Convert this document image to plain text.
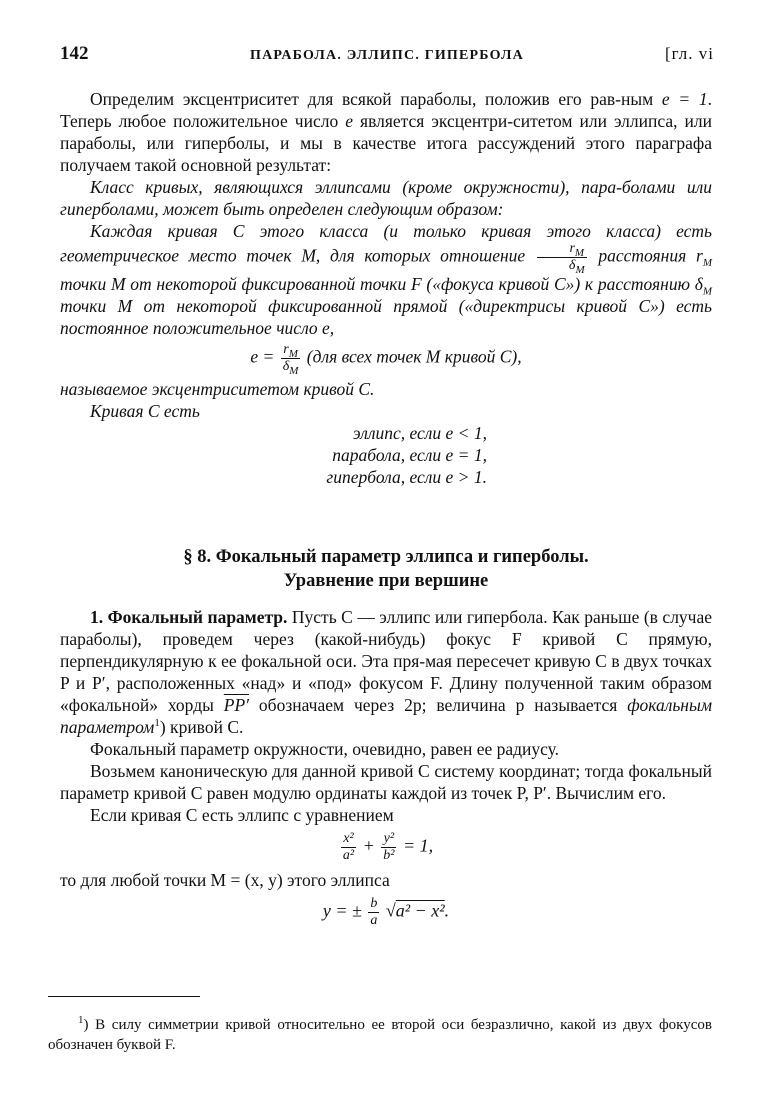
142	ПАРАБОЛА. ЭЛЛИПС. ГИПЕРБОЛА	[гл. vi

Определим эксцентриситет для всякой параболы, положив его рав-ным e = 1. Теперь любое положительное число e является эксцентри-ситетом или эллипса, или параболы, или гиперболы, и мы в качестве итога рассуждений этого параграфа получаем такой основной результат:

Класс кривых, являющихся эллипсами (кроме окружности), пара-болами или гиперболами, может быть определен следующим образом:

Каждая кривая C этого класса (и только кривая этого класса) есть геометрическое место точек M, для которых отношение $\frac{r_M}{\delta_M}$ расстояния $r_M$ точки M от некоторой фиксированной точки F («фокуса кривой C») к расстоянию $\delta_M$ точки M от некоторой фиксированной прямой («директрисы кривой C») есть постоянное положительное число e,

$e = \frac{r_M}{\delta_M} (для$ всех точек M кривой C),

называемое эксцентриситетом кривой C.

Кривая C есть

эллипс, если e < 1,
парабола, если e = 1,
гипербола, если e > 1.
§ 8. Фокальный параметр эллипса и гиперболы.
Уравнение при вершине

1. Фокальный параметр. Пусть C — эллипс или гипербола. Как раньше (в случае параболы), проведем через (какой-нибудь) фокус F кривой C прямую, перпендикулярную к ее фокальной оси. Эта пря-мая пересечет кривую C в двух точках P и P′, расположенных «над» и «под» фокусом F. Длину полученной таким образом «фокальной» хорды PP′ обозначаем через 2p; величина p называется фокальным параметром$^1$) кривой C.

Фокальный параметр окружности, очевидно, равен ее радиусу.

Возьмем каноническую для данной кривой C систему координат; тогда фокальный параметр кривой C равен модулю ординаты каждой из точек P, P′. Вычислим его.

Если кривая C есть эллипс с уравнением

$\frac{\text{x²}}{\text{a²}} + \frac{\text{y²}}{\text{b²}} = 1$,

то для любой точки M = (x, y) этого эллипса

y = ± $\frac{b}{a} √a^2 - x^2$.

$^1$) В силу симметрии кривой относительно ее второй оси безразлично, какой из двух фокусов обозначен буквой F.
